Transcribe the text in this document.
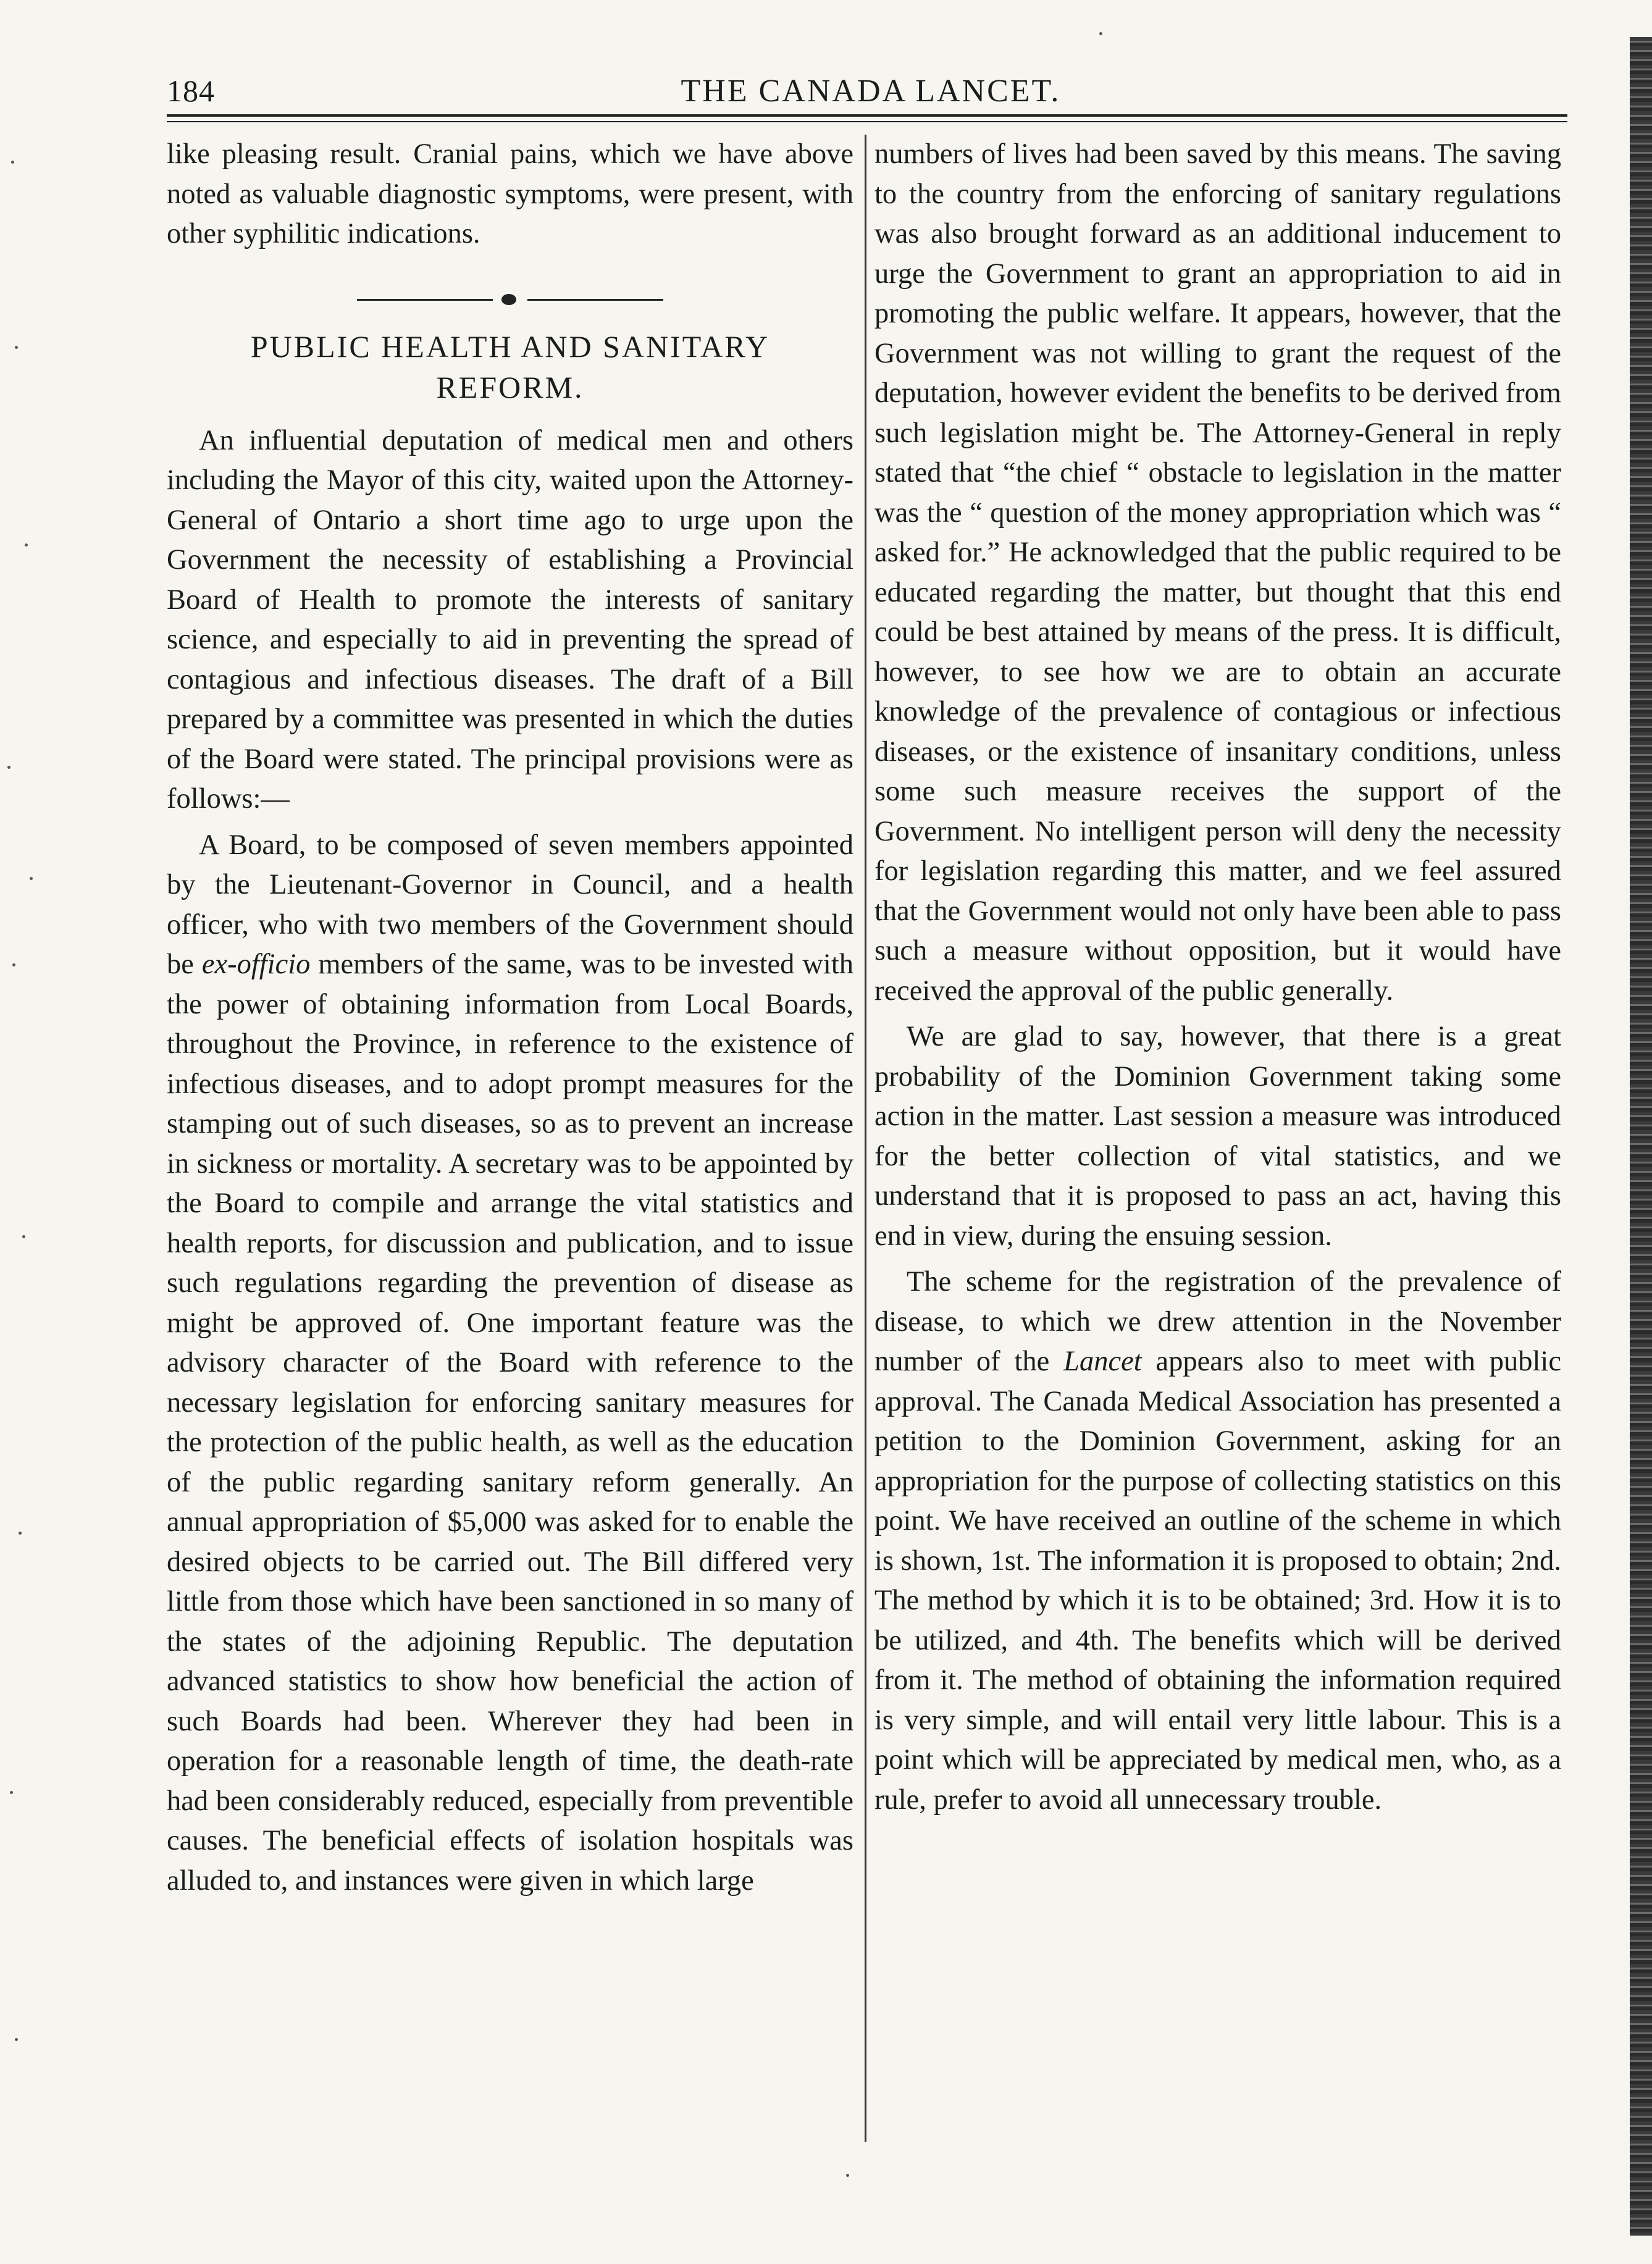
184	THE CANADA LANCET.

like pleasing result. Cranial pains, which we have above noted as valuable diagnostic symptoms, were present, with other syphilitic indications.

PUBLIC HEALTH AND SANITARY
REFORM.

An influential deputation of medical men and others including the Mayor of this city, waited upon the Attorney-General of Ontario a short time ago to urge upon the Government the necessity of establishing a Provincial Board of Health to promote the interests of sanitary science, and especially to aid in preventing the spread of contagious and infectious diseases. The draft of a Bill prepared by a committee was presented in which the duties of the Board were stated. The principal provisions were as follows:—

A Board, to be composed of seven members appointed by the Lieutenant-Governor in Council, and a health officer, who with two members of the Government should be ex-officio members of the same, was to be invested with the power of obtaining information from Local Boards, throughout the Province, in reference to the existence of infectious diseases, and to adopt prompt measures for the stamping out of such diseases, so as to prevent an increase in sickness or mortality. A secretary was to be appointed by the Board to compile and arrange the vital statistics and health reports, for discussion and publication, and to issue such regulations regarding the prevention of disease as might be approved of. One important feature was the advisory character of the Board with reference to the necessary legislation for enforcing sanitary measures for the protection of the public health, as well as the education of the public regarding sanitary reform generally. An annual appropriation of $5,000 was asked for to enable the desired objects to be carried out. The Bill differed very little from those which have been sanctioned in so many of the states of the adjoining Republic. The deputation advanced statistics to show how beneficial the action of such Boards had been. Wherever they had been in operation for a reasonable length of time, the death-rate had been considerably reduced, especially from preventible causes. The beneficial effects of isolation hospitals was alluded to, and instances were given in which large

numbers of lives had been saved by this means. The saving to the country from the enforcing of sanitary regulations was also brought forward as an additional inducement to urge the Government to grant an appropriation to aid in promoting the public welfare. It appears, however, that the Government was not willing to grant the request of the deputation, however evident the benefits to be derived from such legislation might be. The Attorney-General in reply stated that “the chief “ obstacle to legislation in the matter was the “ question of the money appropriation which was “ asked for.” He acknowledged that the public required to be educated regarding the matter, but thought that this end could be best attained by means of the press. It is difficult, however, to see how we are to obtain an accurate knowledge of the prevalence of contagious or infectious diseases, or the existence of insanitary conditions, unless some such measure receives the support of the Government. No intelligent person will deny the necessity for legislation regarding this matter, and we feel assured that the Government would not only have been able to pass such a measure without opposition, but it would have received the approval of the public generally.

We are glad to say, however, that there is a great probability of the Dominion Government taking some action in the matter. Last session a measure was introduced for the better collection of vital statistics, and we understand that it is proposed to pass an act, having this end in view, during the ensuing session.

The scheme for the registration of the prevalence of disease, to which we drew attention in the November number of the Lancet appears also to meet with public approval. The Canada Medical Association has presented a petition to the Dominion Government, asking for an appropriation for the purpose of collecting statistics on this point. We have received an outline of the scheme in which is shown, 1st. The information it is proposed to obtain; 2nd. The method by which it is to be obtained; 3rd. How it is to be utilized, and 4th. The benefits which will be derived from it. The method of obtaining the information required is very simple, and will entail very little labour. This is a point which will be appreciated by medical men, who, as a rule, prefer to avoid all unnecessary trouble.
